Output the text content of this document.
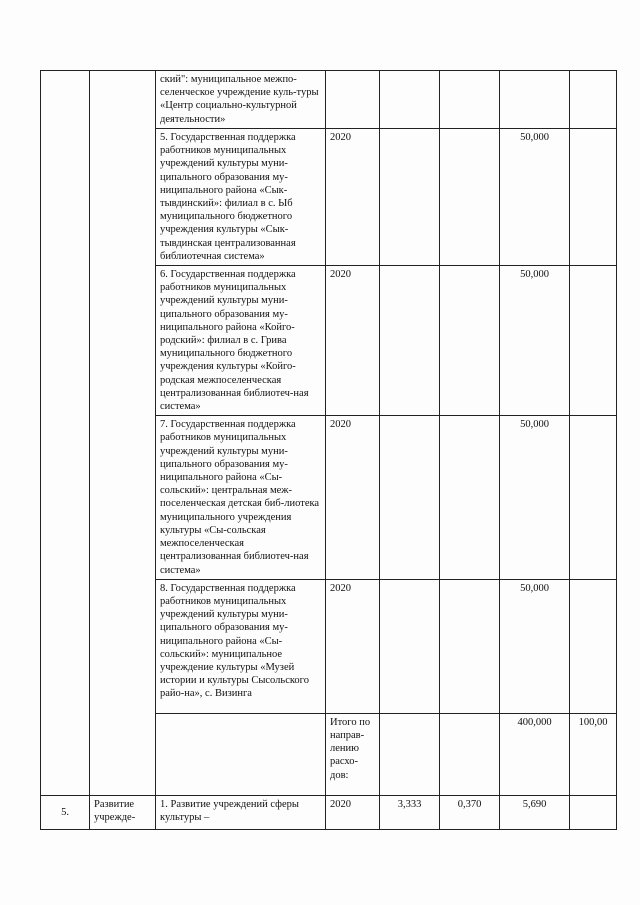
		ский": муниципальное межпо-селенческое учреждение куль-туры «Центр социально-культурной деятельности»					
		5. Государственная поддержка работников муниципальных учреждений культуры муни-ципального образования му-ниципального района «Сык-тывдинский»: филиал в с. Ыб муниципального бюджетного учреждения культуры «Сык-тывдинская централизованная библиотечная система»	2020			50,000	
		6. Государственная поддержка работников муниципальных учреждений культуры муни-ципального образования му-ниципального района «Койго-родский»: филиал в с. Грива муниципального бюджетного учреждения культуры «Койго-родская межпоселенческая централизованная библиотеч-ная система»	2020			50,000	
		7. Государственная поддержка работников муниципальных учреждений культуры муни-ципального образования му-ниципального района «Сы-сольский»: центральная меж-поселенческая детская биб-лиотека муниципального учреждения культуры «Сы-сольская межпоселенческая централизованная библиотеч-ная система»	2020			50,000	
		8. Государственная поддержка работников муниципальных учреждений культуры муни-ципального образования му-ниципального района «Сы-сольский»: муниципальное учреждение культуры «Музей истории и культуры Сысольского райо-на», с. Визинга	2020			50,000	
			Итого по направ-лению расхо-дов:			400,000	100,00
5.	Развитие учрежде-	1. Развитие учреждений сферы культуры –	2020	3,333	0,370	5,690	
